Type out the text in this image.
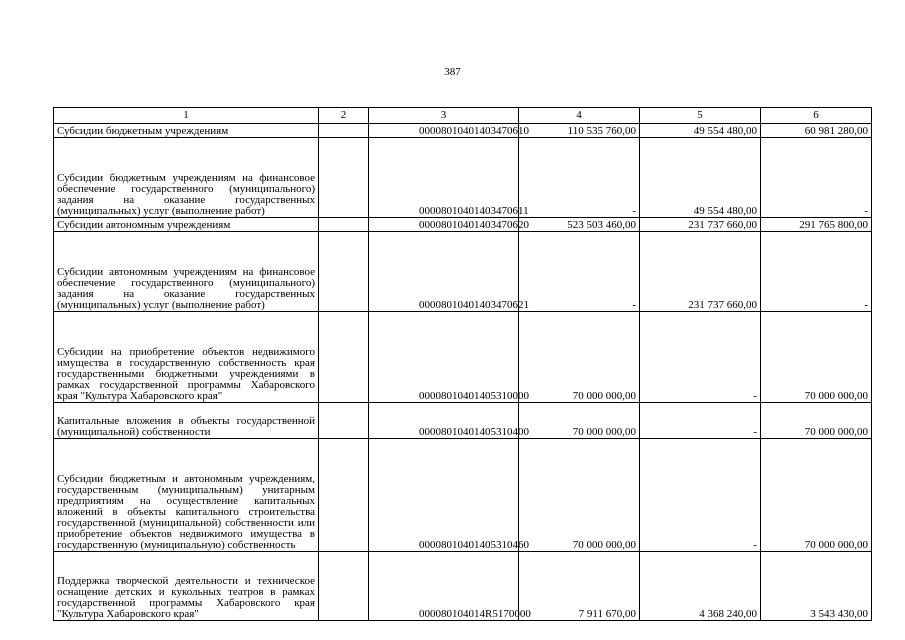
387
1	2	3	4	5	6
Субсидии бюджетным учреждениям		00008010401403470610	110 535 760,00	49 554 480,00	60 981 280,00
Субсидии бюджетным учреждениям на финансовое обеспечение государственного (муниципального) задания на оказание государственных (муниципальных) услуг (выполнение работ)		00008010401403470611	-	49 554 480,00	-
Субсидии автономным учреждениям		00008010401403470620	523 503 460,00	231 737 660,00	291 765 800,00
Субсидии автономным учреждениям на финансовое обеспечение государственного (муниципального) задания на оказание государственных (муниципальных) услуг (выполнение работ)		00008010401403470621	-	231 737 660,00	-
Субсидии на приобретение объектов недвижимого имущества в государственную собственность края государственными бюджетными учреждениями в рамках государственной программы Хабаровского края "Культура Хабаровского края"		00008010401405310000	70 000 000,00	-	70 000 000,00
Капитальные вложения в объекты государственной (муниципальной) собственности		00008010401405310400	70 000 000,00	-	70 000 000,00
Субсидии бюджетным и автономным учреждениям, государственным (муниципальным) унитарным предприятиям на осуществление капитальных вложений в объекты капитального строительства государственной (муниципальной) собственности или приобретение объектов недвижимого имущества в государственную (муниципальную) собственность		00008010401405310460	70 000 000,00	-	70 000 000,00
Поддержка творческой деятельности и техническое оснащение детских и кукольных театров в рамках государственной программы Хабаровского края "Культура Хабаровского края"		000080104014R5170000	7 911 670,00	4 368 240,00	3 543 430,00
